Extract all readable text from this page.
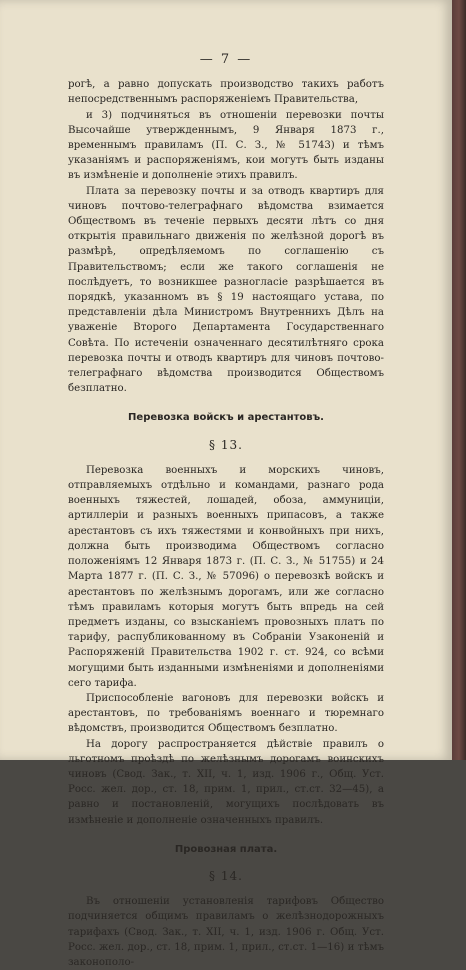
— 7 —

рогѣ, а равно допускать производство такихъ работъ непосредственнымъ распоряженіемъ Правительства,

и 3) подчиняться въ отношеніи перевозки почты Высочайше утвержденнымъ, 9 Января 1873 г., временнымъ правиламъ (П. С. З., № 51743) и тѣмъ указаніямъ и распоряженіямъ, кои могутъ быть изданы въ измѣненіе и дополненіе этихъ правилъ.

Плата за перевозку почты и за отводъ квартиръ для чиновъ почтово-телеграфнаго вѣдомства взимается Обществомъ въ теченіе первыхъ десяти лѣтъ со дня открытія правильнаго движенія по желѣзной дорогѣ въ размѣрѣ, опредѣляемомъ по соглашенію съ Правительствомъ; если же такого соглашенія не послѣдуетъ, то возникшее разногласіе разрѣшается въ порядкѣ, указанномъ въ § 19 настоящаго устава, по представленіи дѣла Министромъ Внутреннихъ Дѣлъ на уваженіе Второго Департамента Государственнаго Совѣта. По истеченіи означеннаго десятилѣтняго срока перевозка почты и отводъ квартиръ для чиновъ почтово-телеграфнаго вѣдомства производится Обществомъ безплатно.

Перевозка войскъ и арестантовъ.
§ 13.

Перевозка военныхъ и морскихъ чиновъ, отправляемыхъ отдѣльно и командами, разнаго рода военныхъ тяжестей, лошадей, обоза, аммуниціи, артиллеріи и разныхъ военныхъ припасовъ, а также арестантовъ съ ихъ тяжестями и конвойныхъ при нихъ, должна быть производима Обществомъ согласно положеніямъ 12 Января 1873 г. (П. С. З., № 51755) и 24 Марта 1877 г. (П. С. З., № 57096) о перевозкѣ войскъ и арестантовъ по желѣзнымъ дорогамъ, или же согласно тѣмъ правиламъ которыя могутъ быть впредь на сей предметъ изданы, со взысканіемъ провозныхъ платъ по тарифу, распубликованному въ Собраніи Узаконеній и Распоряженій Правительства 1902 г. ст. 924, со всѣми могущими быть изданными измѣненіями и дополненіями сего тарифа.

Приспособленіе вагоновъ для перевозки войскъ и арестантовъ, по требованіямъ военнаго и тюремнаго вѣдомствъ, производится Обществомъ безплатно.

На дорогу распространяется дѣйствіе правилъ о льготномъ проѣздѣ по желѣзнымъ дорогамъ воинскихъ чиновъ (Свод. Зак., т. XII, ч. 1, изд. 1906 г., Общ. Уст. Росс. жел. дор., ст. 18, прим. 1, прил., ст.ст. 32—45), а равно и постановленій, могущихъ послѣдовать въ измѣненіе и дополненіе означенныхъ правилъ.

Провозная плата.
§ 14.

Въ отношеніи установленія тарифовъ Общество подчиняется общимъ правиламъ о желѣзнодорожныхъ тарифахъ (Свод. Зак., т. XII, ч. 1, изд. 1906 г. Общ. Уст. Росс. жел. дор., ст. 18, прим. 1, прил., ст.ст. 1—16) и тѣмъ законополо-
